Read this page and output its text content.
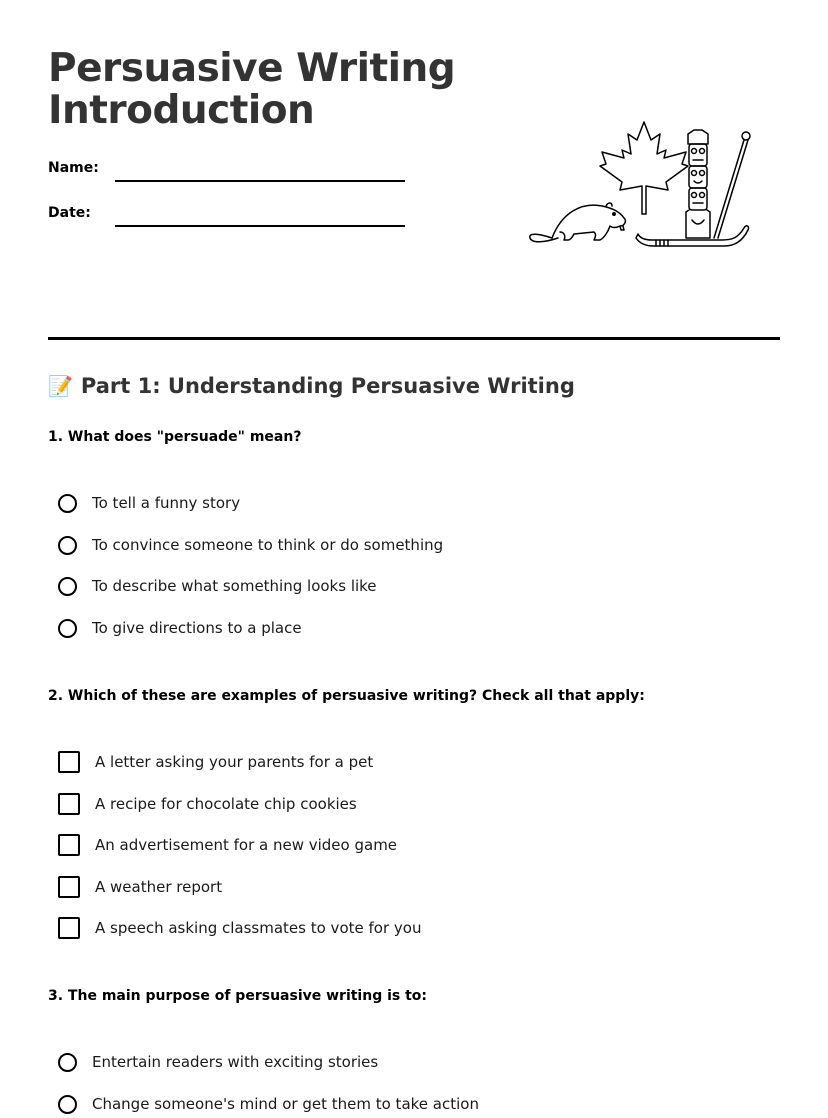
Persuasive Writing Introduction
Name:
Date:
📝 Part 1: Understanding Persuasive Writing

1. What does "persuade" mean?

To tell a funny story
To convince someone to think or do something
To describe what something looks like
To give directions to a place

2. Which of these are examples of persuasive writing? Check all that apply:

A letter asking your parents for a pet
A recipe for chocolate chip cookies
An advertisement for a new video game
A weather report
A speech asking classmates to vote for you

3. The main purpose of persuasive writing is to:

Entertain readers with exciting stories
Change someone's mind or get them to take action
